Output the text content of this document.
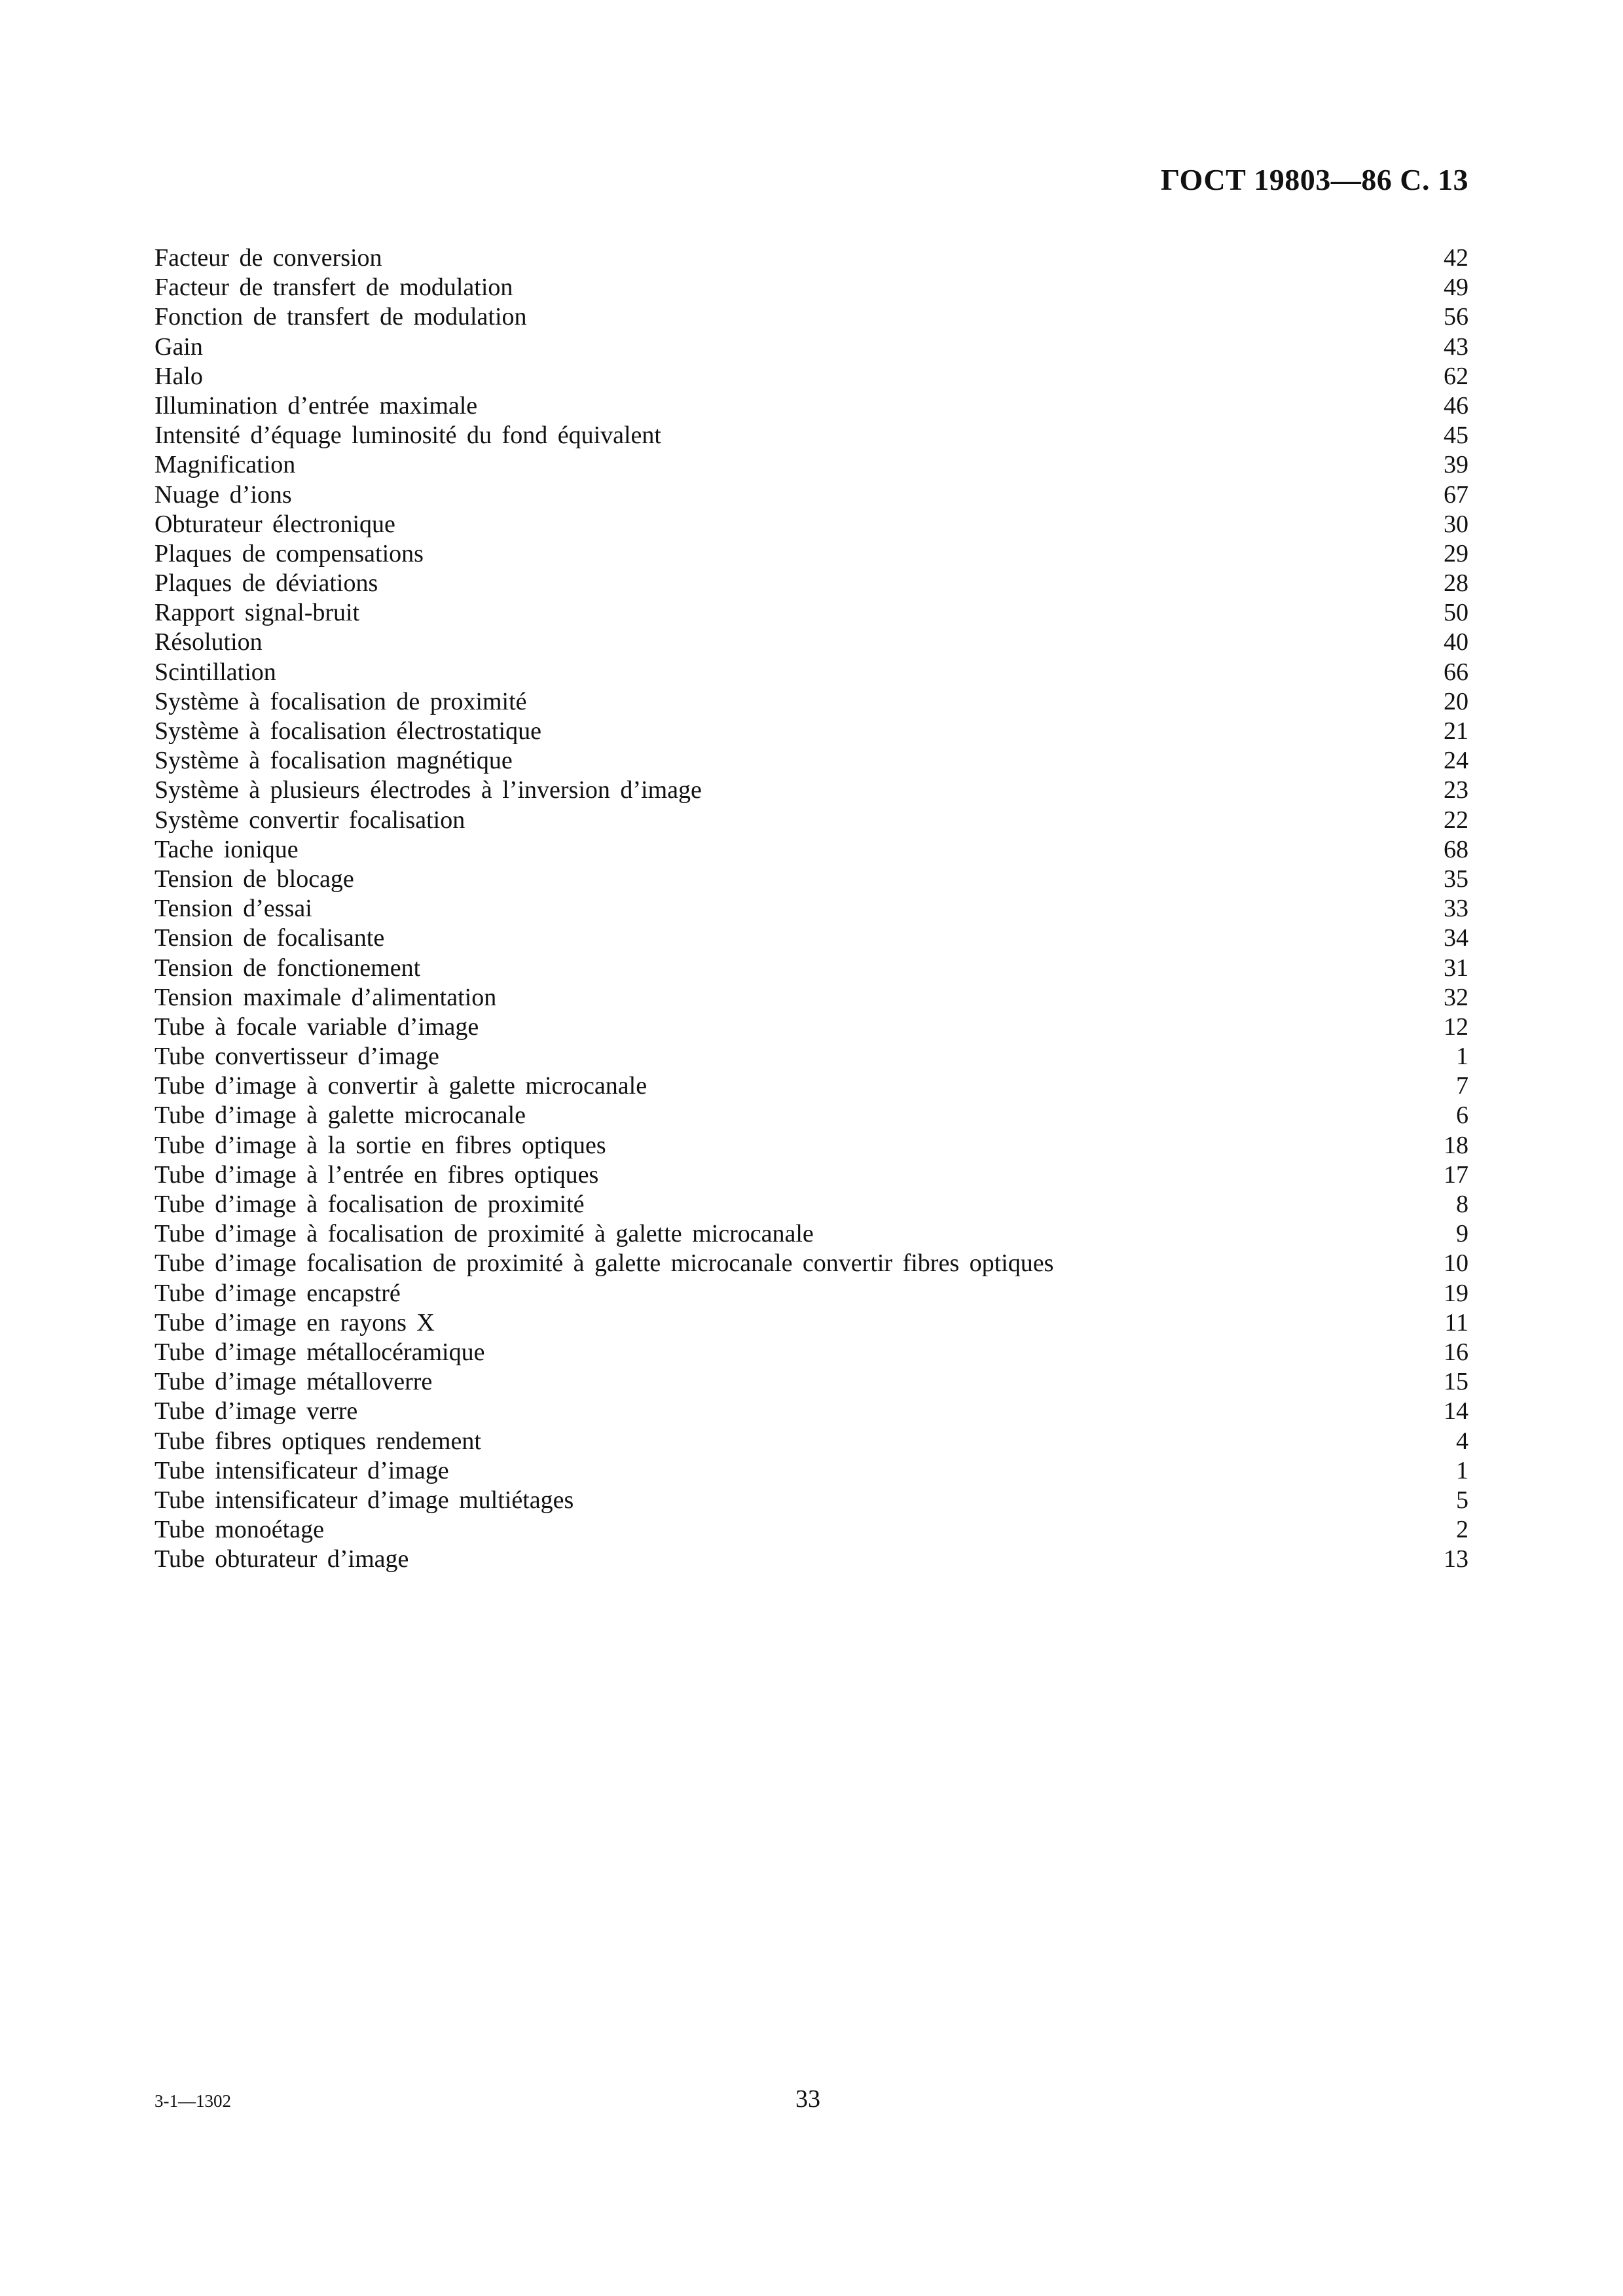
ГОСТ 19803—86 С. 13
Facteur de conversion	42
Facteur de transfert de modulation	49
Fonction de transfert de modulation	56
Gain	43
Halo	62
Illumination d’entrée maximale	46
Intensité d’équage luminosité du fond équivalent	45
Magnification	39
Nuage d’ions	67
Obturateur électronique	30
Plaques de compensations	29
Plaques de déviations	28
Rapport signal-bruit	50
Résolution	40
Scintillation	66
Système à focalisation de proximité	20
Système à focalisation électrostatique	21
Système à focalisation magnétique	24
Système à plusieurs électrodes à l’inversion d’image	23
Système convertir focalisation	22
Tache ionique	68
Tension de blocage	35
Tension d’essai	33
Tension de focalisante	34
Tension de fonctionement	31
Tension maximale d’alimentation	32
Tube à focale variable d’image	12
Tube convertisseur d’image	1
Tube d’image à convertir à galette microcanale	7
Tube d’image à galette microcanale	6
Tube d’image à la sortie en fibres optiques	18
Tube d’image à l’entrée en fibres optiques	17
Tube d’image à focalisation de proximité	8
Tube d’image à focalisation de proximité à galette microcanale	9
Tube d’image focalisation de proximité à galette microcanale convertir fibres optiques	10
Tube d’image encapstré	19
Tube d’image en rayons X	11
Tube d’image métallocéramique	16
Tube d’image métalloverre	15
Tube d’image verre	14
Tube fibres optiques rendement	4
Tube intensificateur d’image	1
Tube intensificateur d’image multiétages	5
Tube monoétage	2
Tube obturateur d’image	13
3-1—1302	33
